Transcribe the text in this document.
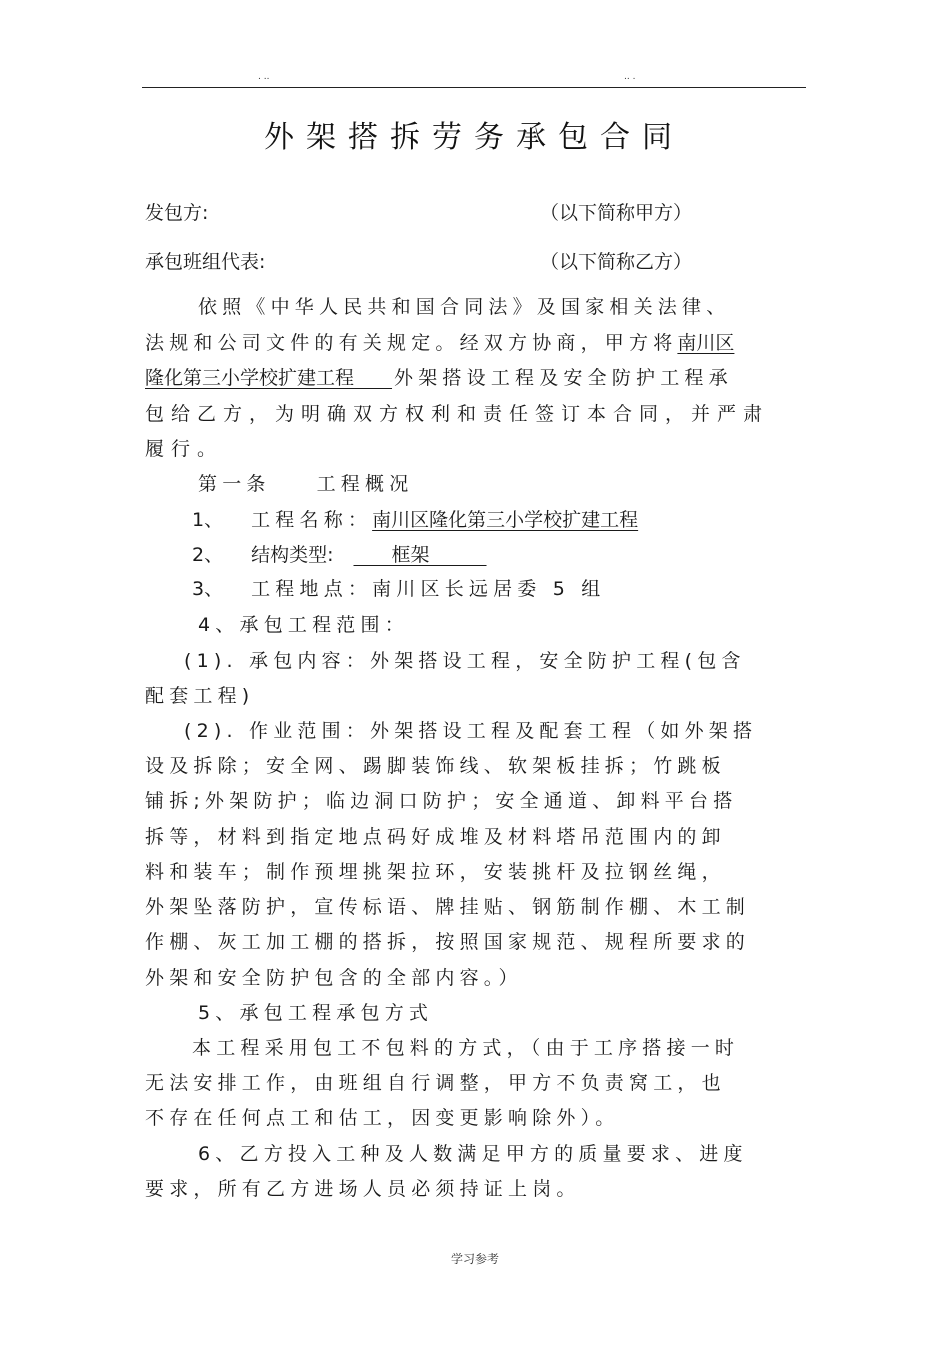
. ..	.. .
外架搭拆劳务承包合同
发包方:	（以下简称甲方）
承包班组代表:	（以下简称乙方）
依照《中华人民共和国合同法》及国家相关法律、
法规和公司文件的有关规定。经双方协商，甲方将南川区
隆化第三小学校扩建工程   外架搭设工程及安全防护工程承
包给乙方，为明确双方权利和责任签订本合同，并严肃
履行。
第一条 工程概况
1、 工程名称：南川区隆化第三小学校扩建工程
2、 结构类型:  	框架   
3、 工程地点：南川区长远居委 5 组
4、承包工程范围：
(1). 承包内容：外架搭设工程，安全防护工程(包含
配套工程)
(2). 作业范围：外架搭设工程及配套工程（如外架搭
设及拆除；安全网、踢脚装饰线、软架板挂拆；竹跳板
铺拆;外架防护；临边洞口防护；安全通道、卸料平台搭
拆等，材料到指定地点码好成堆及材料塔吊范围内的卸
料和装车；制作预埋挑架拉环，安装挑杆及拉钢丝绳，
外架坠落防护，宣传标语、牌挂贴、钢筋制作棚、木工制
作棚、灰工加工棚的搭拆，按照国家规范、规程所要求的
外架和安全防护包含的全部内容。）
5、承包工程承包方式
本工程采用包工不包料的方式，（由于工序搭接一时
无法安排工作，由班组自行调整，甲方不负责窝工，也
不存在任何点工和估工，因变更影响除外）。
6、乙方投入工种及人数满足甲方的质量要求、进度
要求，所有乙方进场人员必须持证上岗。
学习参考
